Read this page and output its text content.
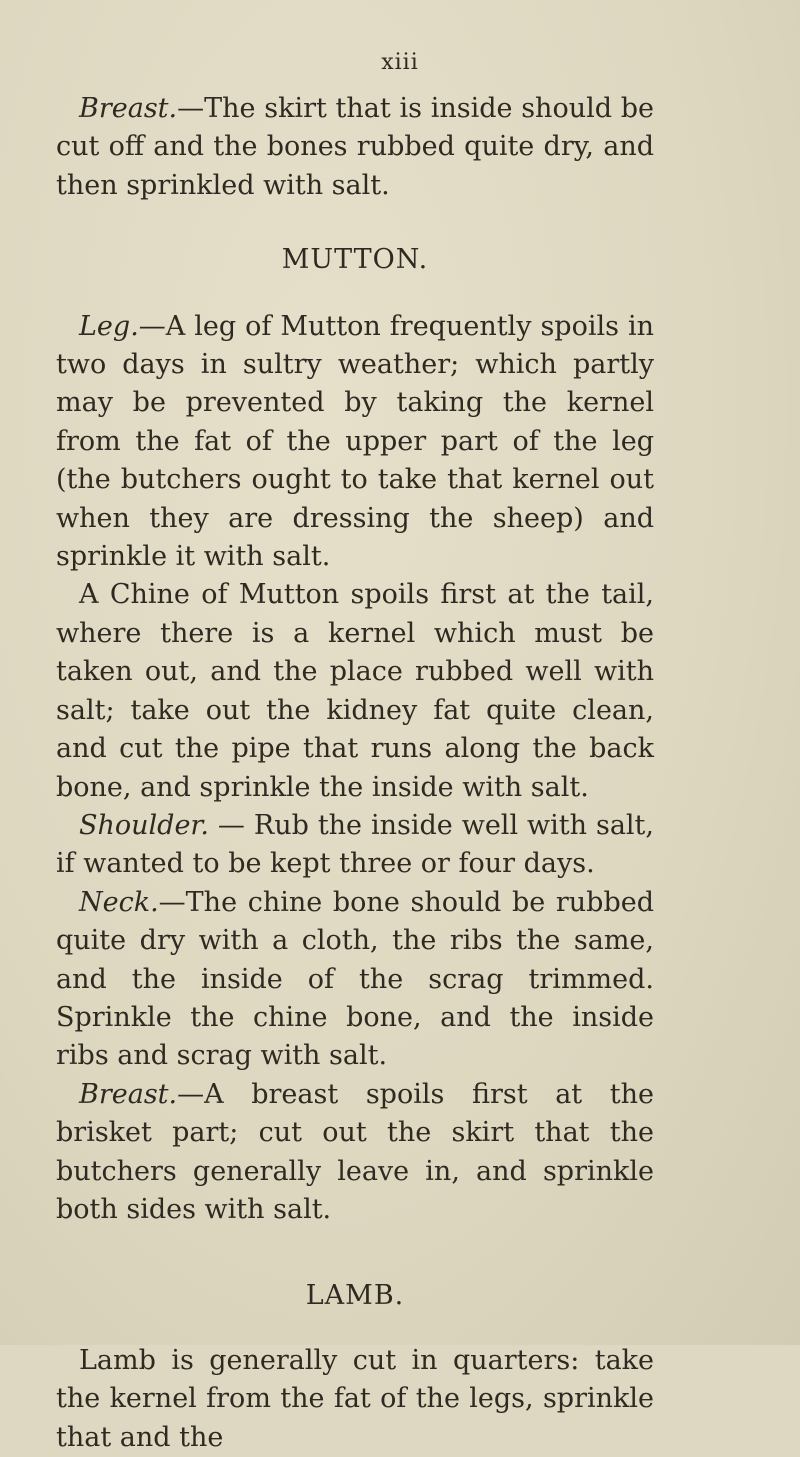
xiii

Breast.—The skirt that is inside should be cut off and the bones rubbed quite dry, and then sprinkled with salt.

MUTTON.

Leg.—A leg of Mutton frequently spoils in two days in sultry weather; which partly may be prevented by taking the kernel from the fat of the upper part of the leg (the butchers ought to take that kernel out when they are dressing the sheep) and sprinkle it with salt.

A Chine of Mutton spoils first at the tail, where there is a kernel which must be taken out, and the place rubbed well with salt; take out the kidney fat quite clean, and cut the pipe that runs along the back bone, and sprinkle the inside with salt.

Shoulder. — Rub the inside well with salt, if wanted to be kept three or four days.

Neck.—The chine bone should be rubbed quite dry with a cloth, the ribs the same, and the inside of the scrag trimmed. Sprinkle the chine bone, and the inside ribs and scrag with salt.

Breast.—A breast spoils first at the brisket part; cut out the skirt that the butchers generally leave in, and sprinkle both sides with salt.

LAMB.

Lamb is generally cut in quarters: take the kernel from the fat of the legs, sprinkle that and the
